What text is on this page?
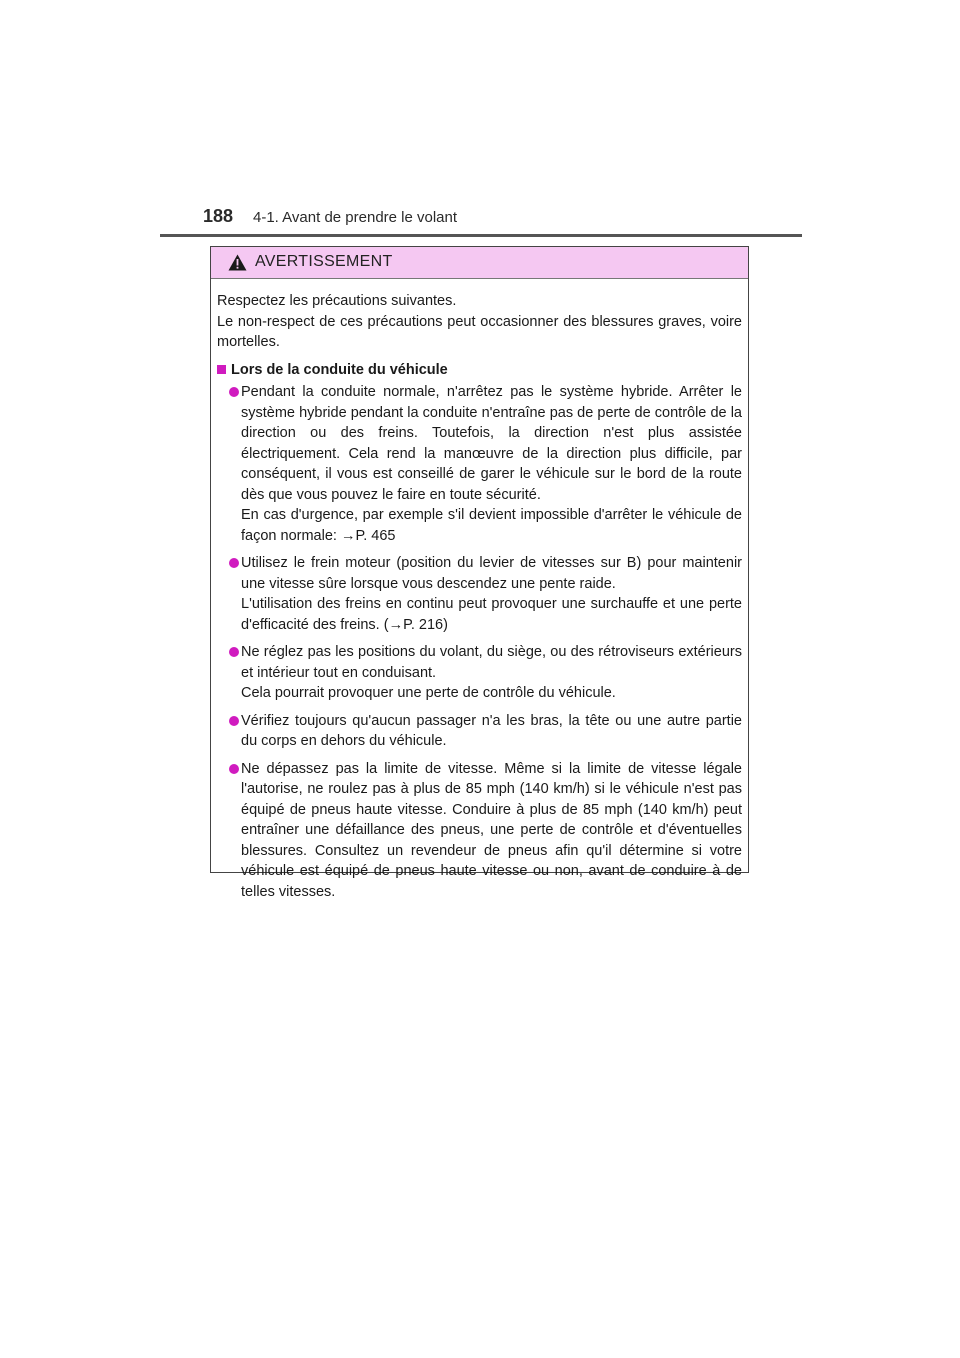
188 4-1. Avant de prendre le volant
AVERTISSEMENT

Respectez les précautions suivantes.

Le non-respect de ces précautions peut occasionner des blessures graves, voire mortelles.

Lors de la conduite du véhicule

Pendant la conduite normale, n'arrêtez pas le système hybride. Arrêter le système hybride pendant la conduite n'entraîne pas de perte de contrôle de la direction ou des freins. Toutefois, la direction n'est plus assistée électriquement. Cela rend la manœuvre de la direction plus difficile, par conséquent, il vous est conseillé de garer le véhicule sur le bord de la route dès que vous pouvez le faire en toute sécurité.

En cas d'urgence, par exemple s'il devient impossible d'arrêter le véhicule de façon normale: →P. 465

Utilisez le frein moteur (position du levier de vitesses sur B) pour maintenir une vitesse sûre lorsque vous descendez une pente raide.

L'utilisation des freins en continu peut provoquer une surchauffe et une perte d'efficacité des freins. (→P. 216)

Ne réglez pas les positions du volant, du siège, ou des rétroviseurs extérieurs et intérieur tout en conduisant.

Cela pourrait provoquer une perte de contrôle du véhicule.

Vérifiez toujours qu'aucun passager n'a les bras, la tête ou une autre partie du corps en dehors du véhicule.

Ne dépassez pas la limite de vitesse. Même si la limite de vitesse légale l'autorise, ne roulez pas à plus de 85 mph (140 km/h) si le véhicule n'est pas équipé de pneus haute vitesse. Conduire à plus de 85 mph (140 km/h) peut entraîner une défaillance des pneus, une perte de contrôle et d'éventuelles blessures. Consultez un revendeur de pneus afin qu'il détermine si votre véhicule est équipé de pneus haute vitesse ou non, avant de conduire à de telles vitesses.
